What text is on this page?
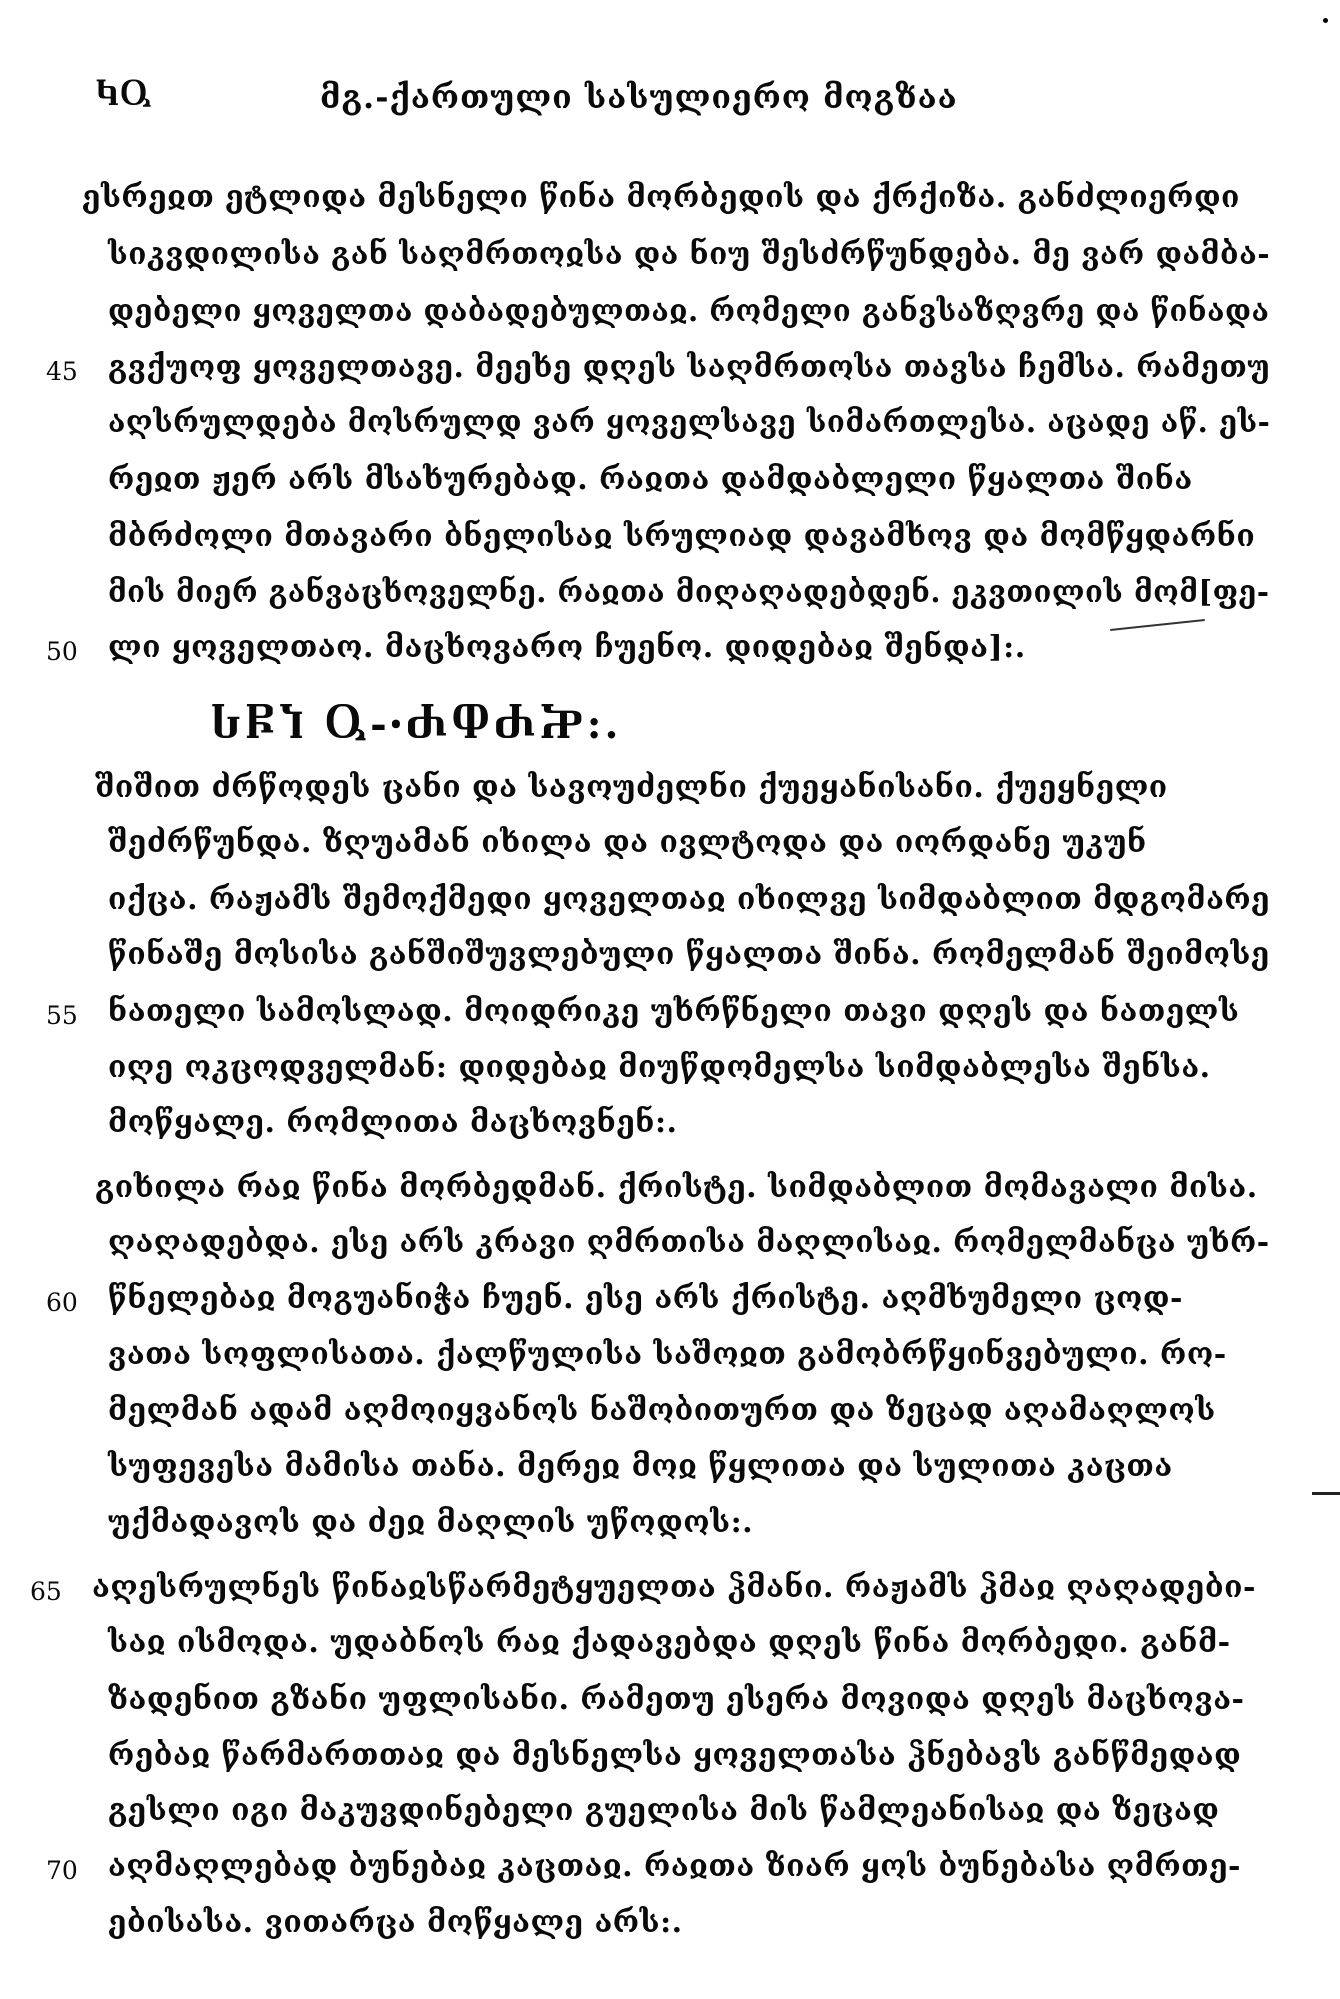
ႩႳ	მგ.-ქართული სასულიერო მოგზაა
ესრეჲთ ეტლიდა მესნელი წინა მორბედის და ქრქიზა. განძლიერდი
სიკვდილისა გან საღმრთოჲსა და ნიუ შესძრწუნდება. მე ვარ დამბა-
დებელი ყოველთა დაბადებულთაჲ. რომელი განვსაზღვრე და წინადა
გვქუოფ ყოველთავე. მეეხე დღეს საღმრთოსა თავსა ჩემსა. რამეთუ
45
აღსრულდება მოსრულდ ვარ ყოველსავე სიმართლესა. აცადე აწ. ეს-
რეჲთ ჟერ არს მსახურებად. რაჲთა დამდაბლელი წყალთა შინა
მბრძოლი მთავარი ბნელისაჲ სრულიად დავამხოვ და მომწყდარნი
მის მიერ განვაცხოველნე. რაჲთა მიღაღადებდენ. ეკვთილის მომ[ფე-
ლი ყოველთაო. მაცხოვარო ჩუენო. დიდებაჲ შენდა]:.
50
შიშით ძრწოდეს ცანი და სავოუძელნი ქუეყანისანი. ქუეყნელი
შეძრწუნდა. ზღუამან იხილა და ივლტოდა და იორდანე უკუნ
იქცა. რაჟამს შემოქმედი ყოველთაჲ იხილვე სიმდაბლით მდგომარე
წინაშე მოსისა განშიშუვლებული წყალთა შინა. რომელმან შეიმოსე
ნათელი სამოსლად. მოიდრიკე უხრწნელი თავი დღეს და ნათელს
55
იღე ოკცოდველმან: დიდებაჲ მიუწდომელსა სიმდაბლესა შენსა.
მოწყალე. რომლითა მაცხოვნენ:.
გიხილა რაჲ წინა მორბედმან. ქრისტე. სიმდაბლით მომავალი მისა.
ღაღადებდა. ესე არს კრავი ღმრთისა მაღლისაჲ. რომელმანცა უხრ-
წნელებაჲ მოგუანიჭა ჩუენ. ესე არს ქრისტე. აღმხუმელი ცოდ-
60
ვათა სოფლისათა. ქალწულისა საშოჲთ გამობრწყინვებული. რო-
მელმან ადამ აღმოიყვანოს ნაშობითურთ და ზეცად აღამაღლოს
სუფევესა მამისა თანა. მერეჲ მოჲ წყლითა და სულითა კაცთა
უქმადავოს და ძეჲ მაღლის უწოდოს:.
აღესრულნეს წინაჲსწარმეტყუელთა ჴმანი. რაჟამს ჴმაჲ ღაღადები-
65
საჲ ისმოდა. უდაბნოს რაჲ ქადავებდა დღეს წინა მორბედი. განმ-
ზადენით გზანი უფლისანი. რამეთუ ესერა მოვიდა დღეს მაცხოვა-
რებაჲ წარმართთაჲ და მესნელსა ყოველთასა ჴნებავს განწმედად
გესლი იგი მაკუვდინებელი გუელისა მის წამლეანისაჲ და ზეცად
აღმაღლებად ბუნებაჲ კაცთაჲ. რაჲთა ზიარ ყოს ბუნებასა ღმრთე-
70
ებისასა. ვითარცა მოწყალე არს:.
ႱႼႨ Ⴓ-ꞏႻႴႻႿ:.
